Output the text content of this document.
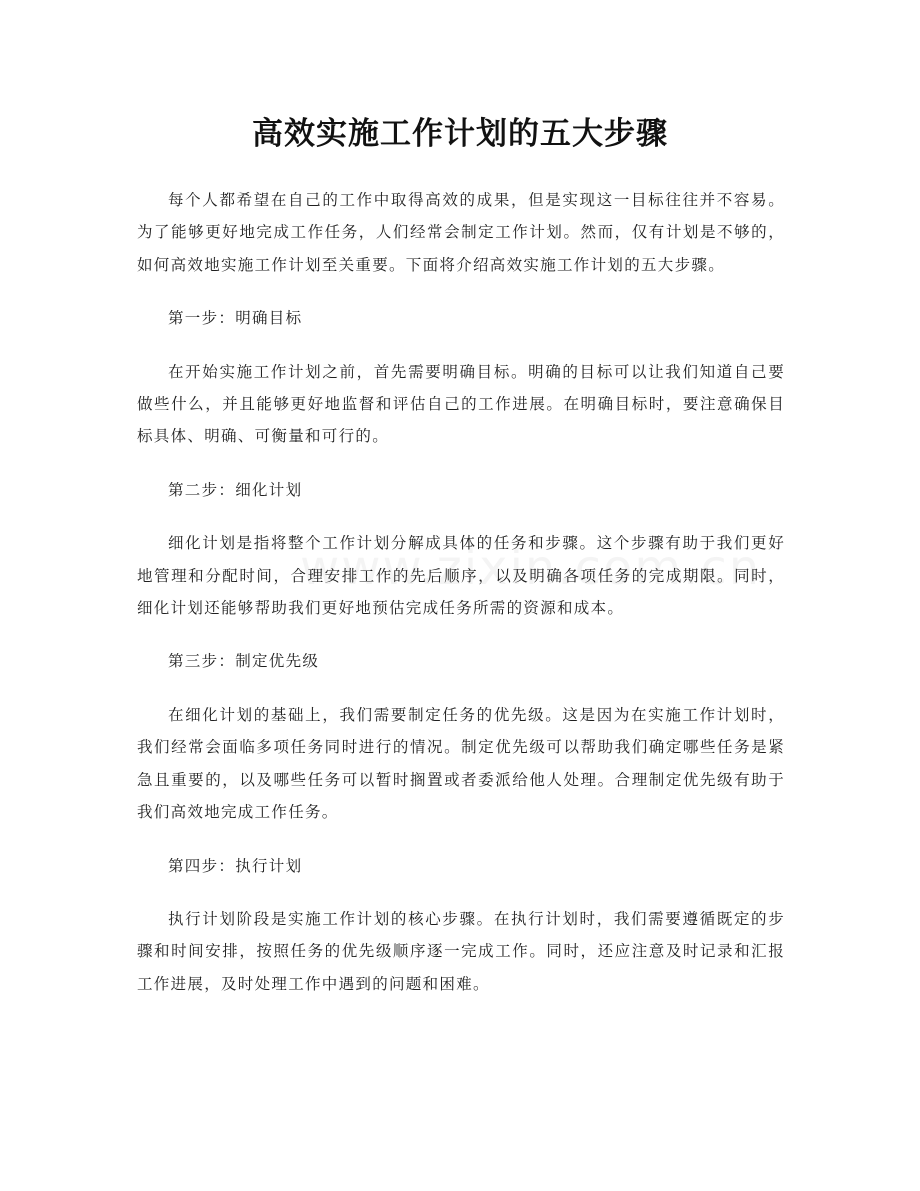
高效实施工作计划的五大步骤

每个人都希望在自己的工作中取得高效的成果，但是实现这一目标往往并不容易。为了能够更好地完成工作任务，人们经常会制定工作计划。然而，仅有计划是不够的，如何高效地实施工作计划至关重要。下面将介绍高效实施工作计划的五大步骤。

第一步：明确目标

在开始实施工作计划之前，首先需要明确目标。明确的目标可以让我们知道自己要做些什么，并且能够更好地监督和评估自己的工作进展。在明确目标时，要注意确保目标具体、明确、可衡量和可行的。

第二步：细化计划

细化计划是指将整个工作计划分解成具体的任务和步骤。这个步骤有助于我们更好地管理和分配时间，合理安排工作的先后顺序，以及明确各项任务的完成期限。同时，细化计划还能够帮助我们更好地预估完成任务所需的资源和成本。

第三步：制定优先级

在细化计划的基础上，我们需要制定任务的优先级。这是因为在实施工作计划时，我们经常会面临多项任务同时进行的情况。制定优先级可以帮助我们确定哪些任务是紧急且重要的，以及哪些任务可以暂时搁置或者委派给他人处理。合理制定优先级有助于我们高效地完成工作任务。

第四步：执行计划

执行计划阶段是实施工作计划的核心步骤。在执行计划时，我们需要遵循既定的步骤和时间安排，按照任务的优先级顺序逐一完成工作。同时，还应注意及时记录和汇报工作进展，及时处理工作中遇到的问题和困难。
